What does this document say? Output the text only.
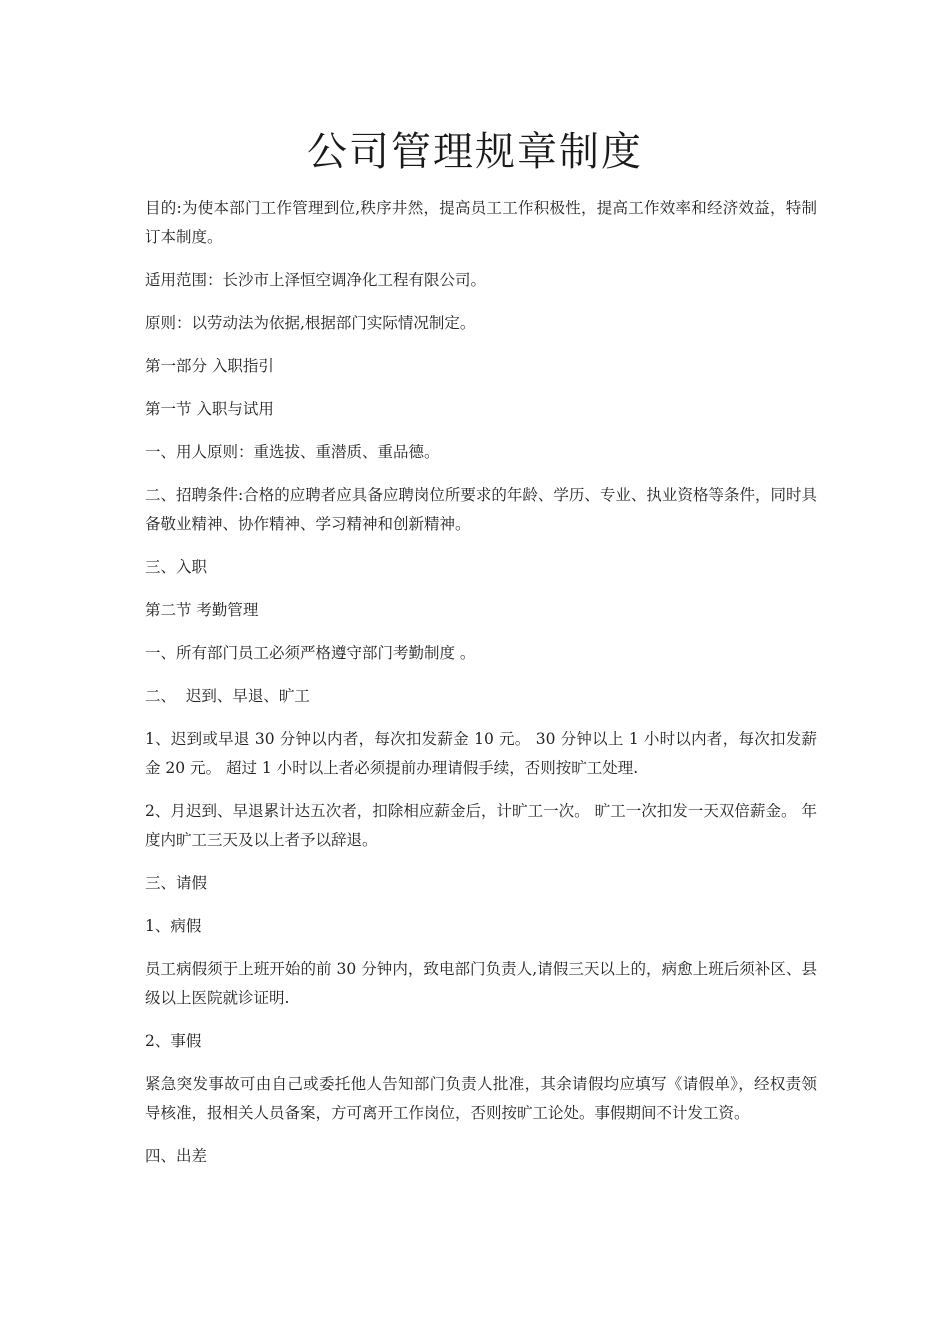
公司管理规章制度

目的:为使本部门工作管理到位,秩序井然，提高员工工作积极性，提高工作效率和经济效益，特制订本制度。

适用范围：长沙市上泽恒空调净化工程有限公司。

原则：以劳动法为依据,根据部门实际情况制定。

第一部分 入职指引

第一节 入职与试用

一、用人原则：重选拔、重潜质、重品德。

二、招聘条件:合格的应聘者应具备应聘岗位所要求的年龄、学历、专业、执业资格等条件，同时具备敬业精神、协作精神、学习精神和创新精神。

三、入职

第二节 考勤管理

一、所有部门员工必须严格遵守部门考勤制度 。

二、  迟到、早退、旷工

1、迟到或早退 30 分钟以内者，每次扣发薪金 10 元。 30 分钟以上 1 小时以内者，每次扣发薪金 20 元。 超过 1 小时以上者必须提前办理请假手续，否则按旷工处理.

2、月迟到、早退累计达五次者，扣除相应薪金后，计旷工一次。 旷工一次扣发一天双倍薪金。 年度内旷工三天及以上者予以辞退。

三、请假

1、病假

员工病假须于上班开始的前 30 分钟内，致电部门负责人,请假三天以上的，病愈上班后须补区、县级以上医院就诊证明.

2、事假

紧急突发事故可由自己或委托他人告知部门负责人批准，其余请假均应填写《请假单》，经权责领导核准，报相关人员备案，方可离开工作岗位，否则按旷工论处。事假期间不计发工资。

四、出差
